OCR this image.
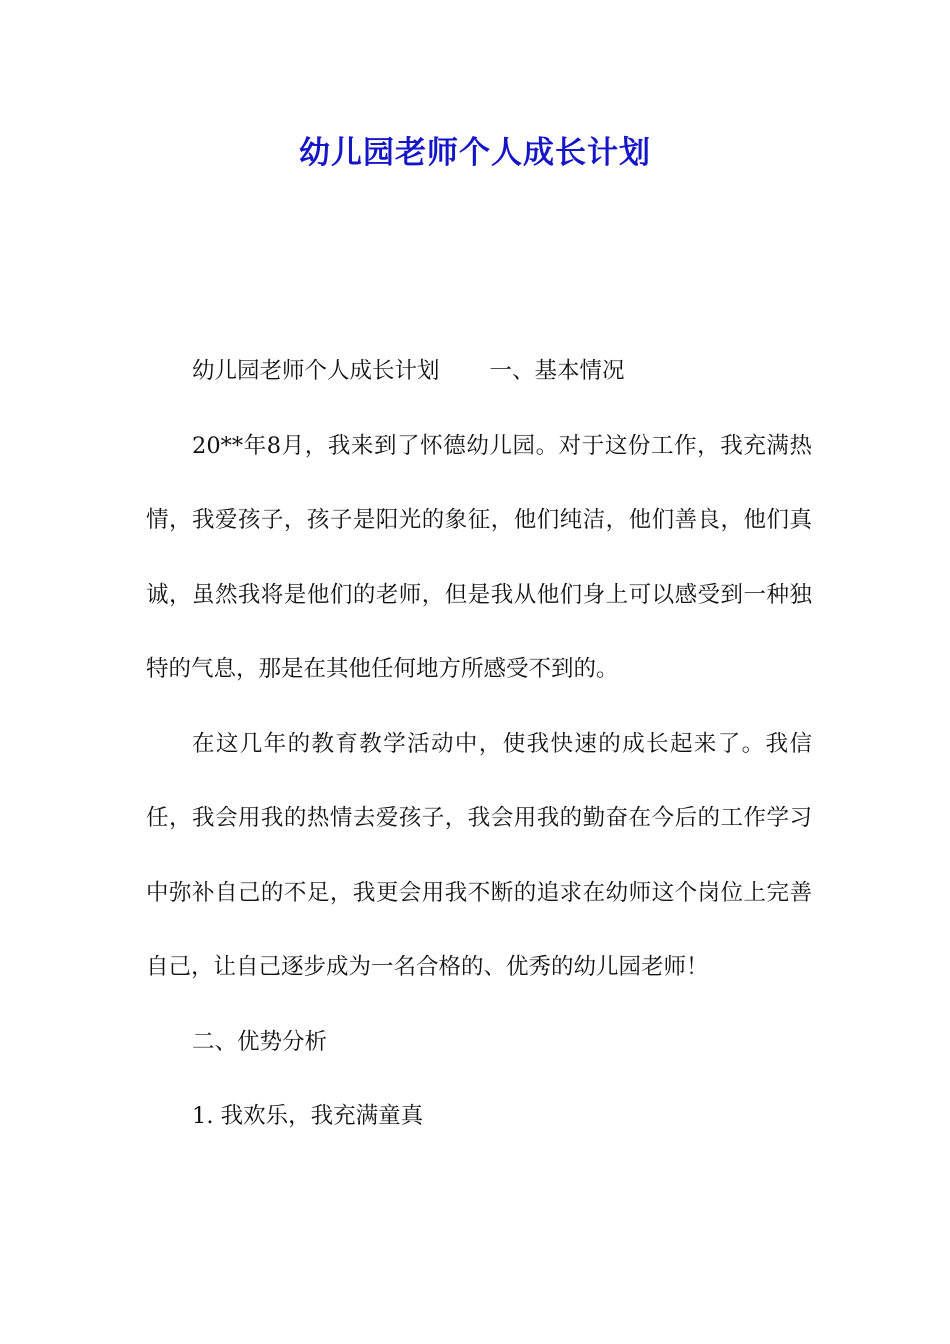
幼儿园老师个人成长计划

幼儿园老师个人成长计划 一、基本情况

20**年8月，我来到了怀德幼儿园。对于这份工作，我充满热情，我爱孩子，孩子是阳光的象征，他们纯洁，他们善良，他们真诚，虽然我将是他们的老师，但是我从他们身上可以感受到一种独特的气息，那是在其他任何地方所感受不到的。

在这几年的教育教学活动中，使我快速的成长起来了。我信任，我会用我的热情去爱孩子，我会用我的勤奋在今后的工作学习中弥补自己的不足，我更会用我不断的追求在幼师这个岗位上完善自己，让自己逐步成为一名合格的、优秀的幼儿园老师！

二、优势分析

1. 我欢乐，我充满童真
